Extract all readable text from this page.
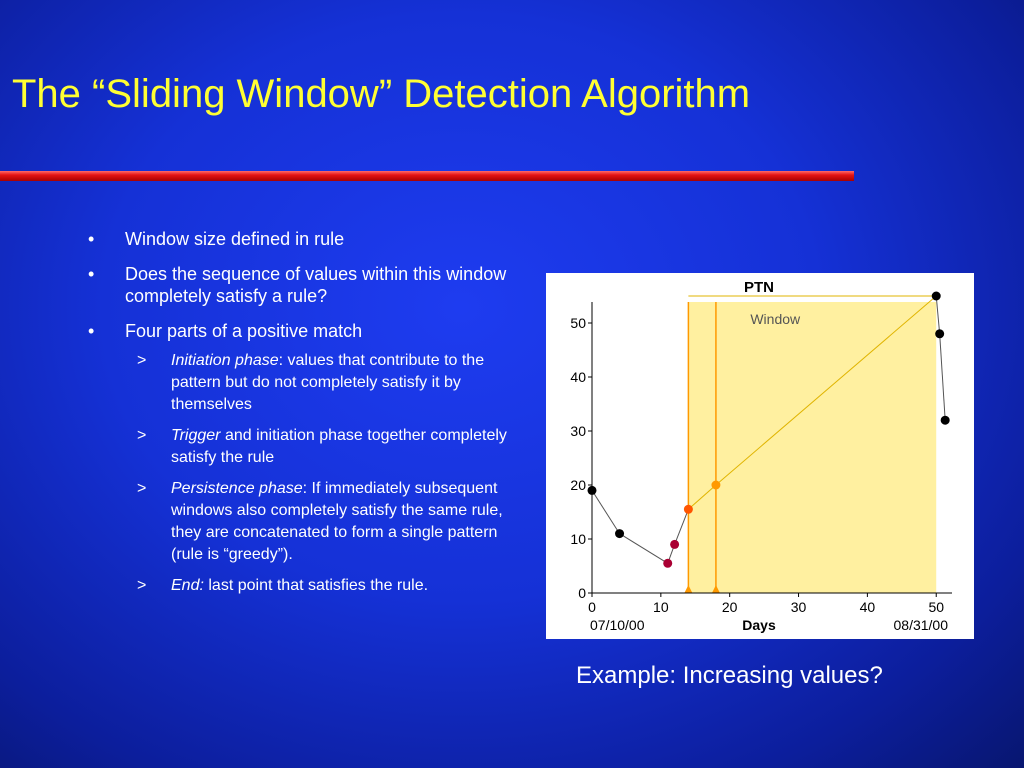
The “Sliding Window” Detection Algorithm
• Window size defined in rule
• Does the sequence of values within this window completely satisfy a rule?
• Four parts of a positive match
> Initiation phase: values that contribute to the pattern but do not completely satisfy it by themselves
> Trigger and initiation phase together completely satisfy the rule
> Persistence phase: If immediately subsequent windows also completely satisfy the same rule, they are concatenated to form a single pattern (rule is “greedy”).
> End: last point that satisfies the rule.	0
10
20
30
40
50
0	10	20	30	40	50
PTN
Window
07/10/00	Days	08/31/00
Example: Increasing values?
